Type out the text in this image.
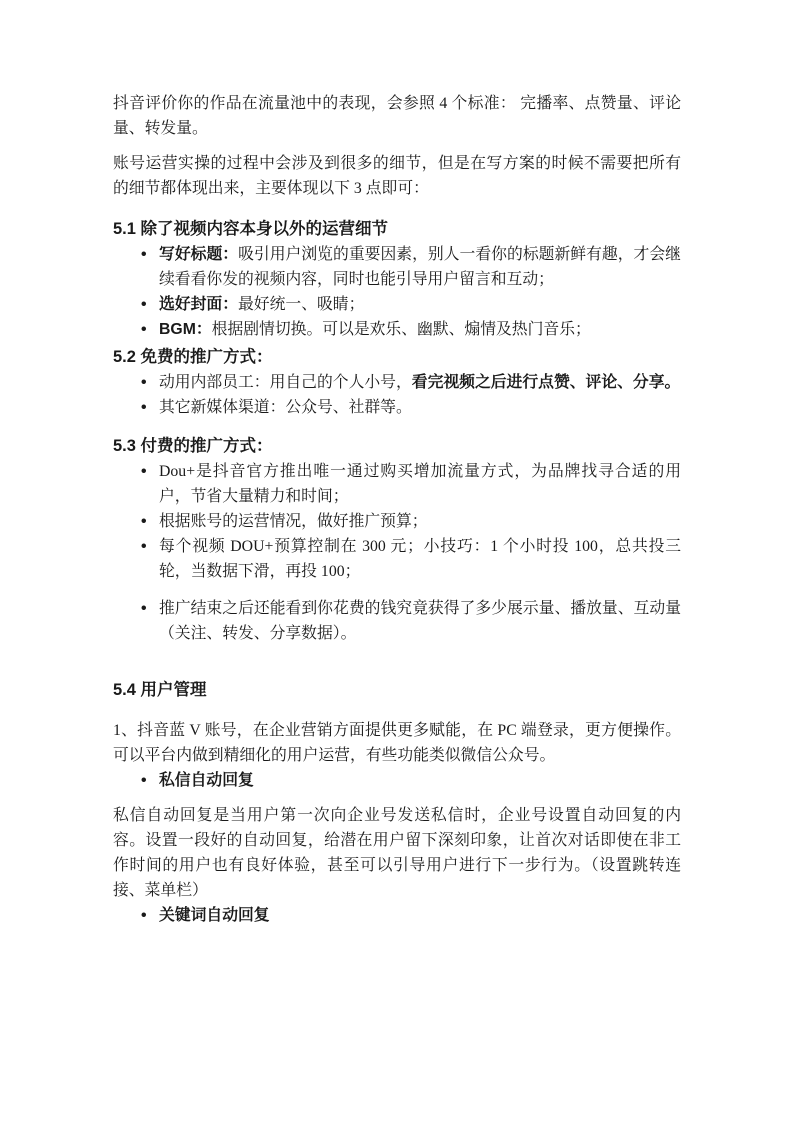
抖音评价你的作品在流量池中的表现，会参照 4 个标准： 完播率、点赞量、评论量、转发量。

账号运营实操的过程中会涉及到很多的细节，但是在写方案的时候不需要把所有的细节都体现出来，主要体现以下 3 点即可：

5.1 除了视频内容本身以外的运营细节
• 写好标题：吸引用户浏览的重要因素，别人一看你的标题新鲜有趣，才会继续看看你发的视频内容，同时也能引导用户留言和互动；
• 选好封面：最好统一、吸睛；
• BGM：根据剧情切换。可以是欢乐、幽默、煽情及热门音乐；
5.2 免费的推广方式：
• 动用内部员工：用自己的个人小号，看完视频之后进行点赞、评论、分享。
• 其它新媒体渠道：公众号、社群等。
5.3 付费的推广方式：
• Dou+是抖音官方推出唯一通过购买增加流量方式，为品牌找寻合适的用户，节省大量精力和时间；
• 根据账号的运营情况，做好推广预算；
• 每个视频 DOU+预算控制在 300 元；小技巧：1 个小时投 100，总共投三轮，当数据下滑，再投 100；
• 推广结束之后还能看到你花费的钱究竟获得了多少展示量、播放量、互动量（关注、转发、分享数据）。
5.4 用户管理

1、抖音蓝 V 账号，在企业营销方面提供更多赋能，在 PC 端登录，更方便操作。可以平台内做到精细化的用户运营，有些功能类似微信公众号。

• 私信自动回复

私信自动回复是当用户第一次向企业号发送私信时，企业号设置自动回复的内容。设置一段好的自动回复，给潜在用户留下深刻印象，让首次对话即使在非工作时间的用户也有良好体验，甚至可以引导用户进行下一步行为。（设置跳转连接、菜单栏）

• 关键词自动回复
